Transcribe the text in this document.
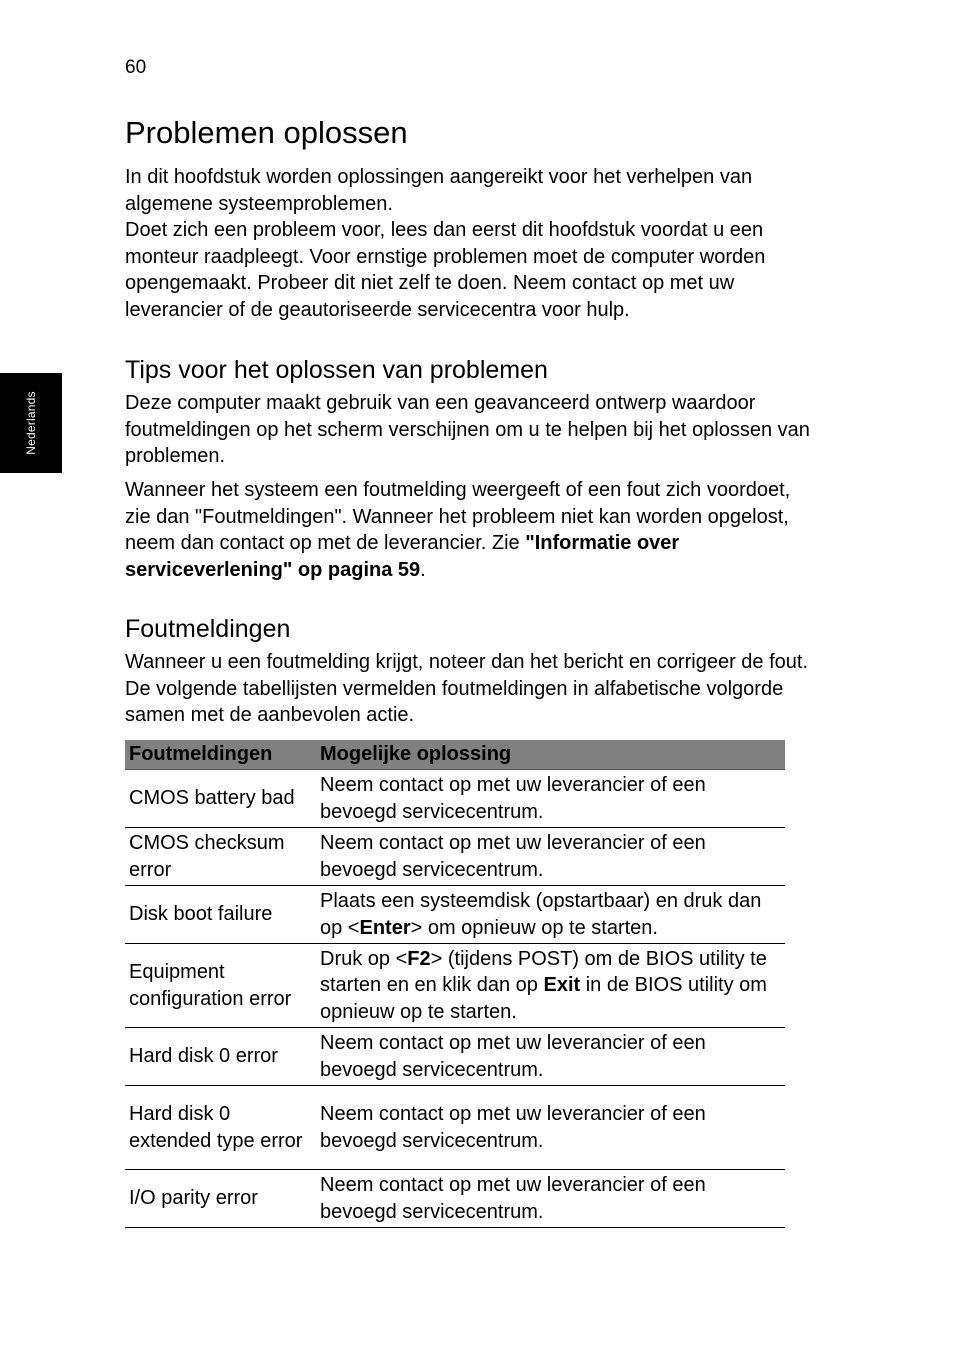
60
Nederlands
Problemen oplossen

In dit hoofdstuk worden oplossingen aangereikt voor het verhelpen van algemene systeemproblemen.

Doet zich een probleem voor, lees dan eerst dit hoofdstuk voordat u een monteur raadpleegt. Voor ernstige problemen moet de computer worden opengemaakt. Probeer dit niet zelf te doen. Neem contact op met uw leverancier of de geautoriseerde servicecentra voor hulp.

Tips voor het oplossen van problemen

Deze computer maakt gebruik van een geavanceerd ontwerp waardoor foutmeldingen op het scherm verschijnen om u te helpen bij het oplossen van problemen.

Wanneer het systeem een foutmelding weergeeft of een fout zich voordoet, zie dan "Foutmeldingen". Wanneer het probleem niet kan worden opgelost, neem dan contact op met de leverancier. Zie "Informatie over serviceverlening" op pagina 59.

Foutmeldingen

Wanneer u een foutmelding krijgt, noteer dan het bericht en corrigeer de fout. De volgende tabellijsten vermelden foutmeldingen in alfabetische volgorde samen met de aanbevolen actie.

Foutmeldingen	Mogelijke oplossing
CMOS battery bad	Neem contact op met uw leverancier of een bevoegd servicecentrum.
CMOS checksum error	Neem contact op met uw leverancier of een bevoegd servicecentrum.
Disk boot failure	Plaats een systeemdisk (opstartbaar) en druk dan op <Enter> om opnieuw op te starten.
Equipment configuration error	Druk op <F2> (tijdens POST) om de BIOS utility te starten en en klik dan op Exit in de BIOS utility om opnieuw op te starten.
Hard disk 0 error	Neem contact op met uw leverancier of een bevoegd servicecentrum.
Hard disk 0 extended type error	Neem contact op met uw leverancier of een bevoegd servicecentrum.
I/O parity error	Neem contact op met uw leverancier of een bevoegd servicecentrum.
